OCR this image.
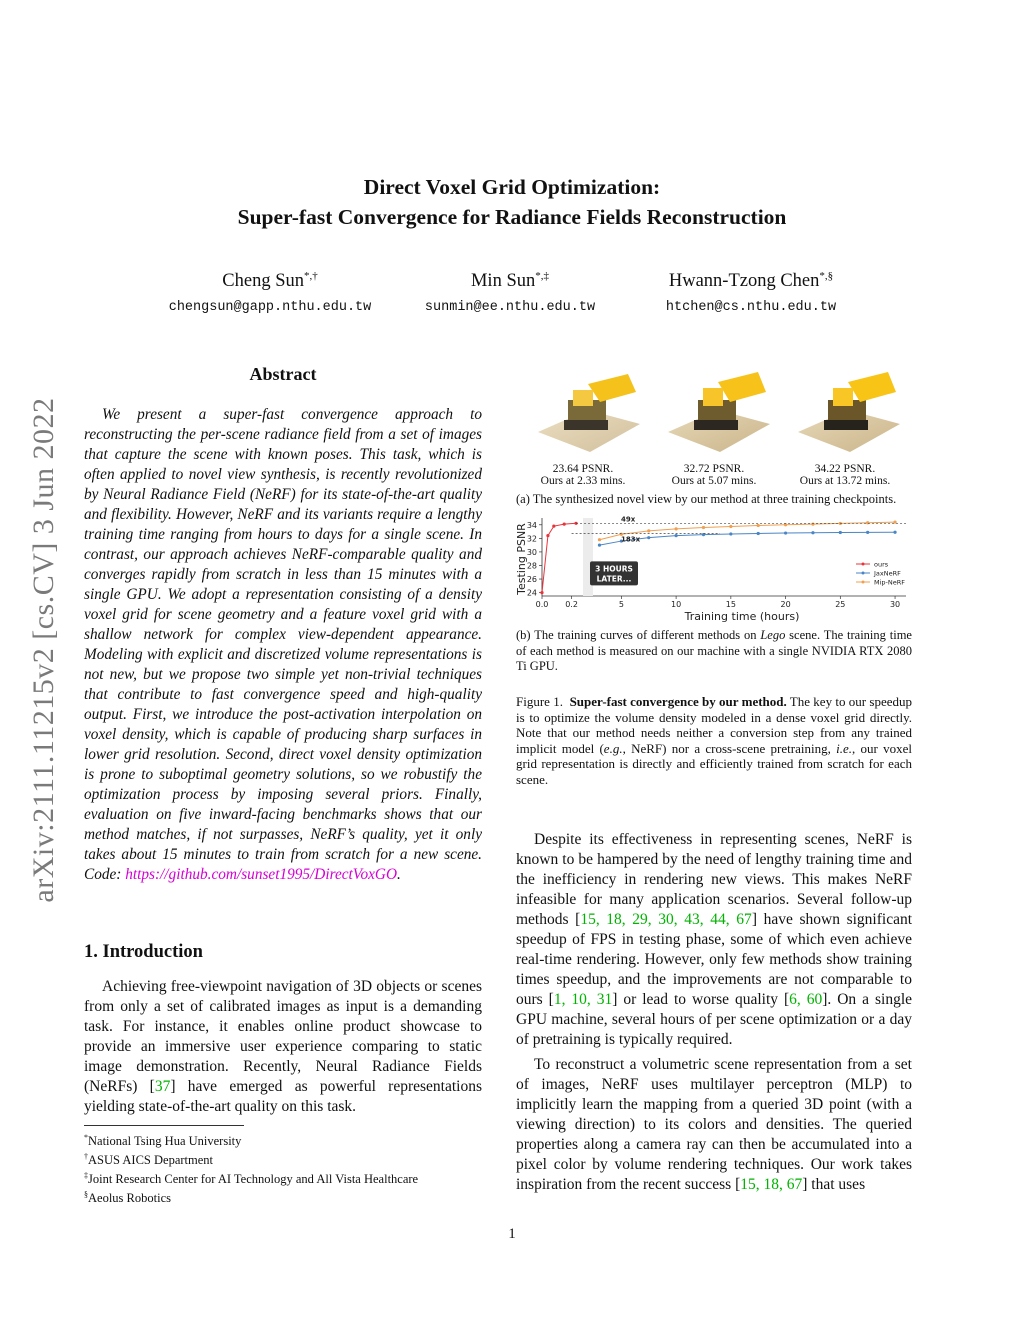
Direct Voxel Grid Optimization:
Super-fast Convergence for Radiance Fields Reconstruction
Cheng Sun*,†
chengsun@gapp.nthu.edu.tw
Min Sun*,‡
sunmin@ee.nthu.edu.tw
Hwann-Tzong Chen*,§
htchen@cs.nthu.edu.tw
arXiv:2111.11215v2 [cs.CV] 3 Jun 2022
Abstract
We present a super-fast convergence approach to reconstructing the per-scene radiance field from a set of images that capture the scene with known poses. This task, which is often applied to novel view synthesis, is recently revolutionized by Neural Radiance Field (NeRF) for its state-of-the-art quality and flexibility. However, NeRF and its variants require a lengthy training time ranging from hours to days for a single scene. In contrast, our approach achieves NeRF-comparable quality and converges rapidly from scratch in less than 15 minutes with a single GPU. We adopt a representation consisting of a density voxel grid for scene geometry and a feature voxel grid with a shallow network for complex view-dependent appearance. Modeling with explicit and discretized volume representations is not new, but we propose two simple yet non-trivial techniques that contribute to fast convergence speed and high-quality output. First, we introduce the post-activation interpolation on voxel density, which is capable of producing sharp surfaces in lower grid resolution. Second, direct voxel density optimization is prone to suboptimal geometry solutions, so we robustify the optimization process by imposing several priors. Finally, evaluation on five inward-facing benchmarks shows that our method matches, if not surpasses, NeRF’s quality, yet it only takes about 15 minutes to train from scratch for a new scene. Code: https://github.com/sunset1995/DirectVoxGO.
1. Introduction
Achieving free-viewpoint navigation of 3D objects or scenes from only a set of calibrated images as input is a demanding task. For instance, it enables online product showcase to provide an immersive user experience comparing to static image demonstration. Recently, Neural Radiance Fields (NeRFs) [37] have emerged as powerful representations yielding state-of-the-art quality on this task.
*National Tsing Hua University
†ASUS AICS Department
‡Joint Research Center for AI Technology and All Vista Healthcare
§Aeolus Robotics
23.64 PSNR.
Ours at 2.33 mins.
32.72 PSNR.
Ours at 5.07 mins.
34.22 PSNR.
Ours at 13.72 mins.
(a) The synthesized novel view by our method at three training checkpoints.
Testing PSNR
Training time (hours)
24
26
28
30
32
34
0.0 0.2	5	10	15	20	25	30
49x
183x
3 HOURS
LATER...
ours
JaxNeRF
Mip-NeRF
(b) The training curves of different methods on Lego scene. The training time of each method is measured on our machine with a single NVIDIA RTX 2080 Ti GPU.
Figure 1. Super-fast convergence by our method. The key to our speedup is to optimize the volume density modeled in a dense voxel grid directly. Note that our method needs neither a conversion step from any trained implicit model (e.g., NeRF) nor a cross-scene pretraining, i.e., our voxel grid representation is directly and efficiently trained from scratch for each scene.
Despite its effectiveness in representing scenes, NeRF is known to be hampered by the need of lengthy training time and the inefficiency in rendering new views. This makes NeRF infeasible for many application scenarios. Several follow-up methods [15, 18, 29, 30, 43, 44, 67] have shown significant speedup of FPS in testing phase, some of which even achieve real-time rendering. However, only few methods show training times speedup, and the improvements are not comparable to ours [1, 10, 31] or lead to worse quality [6, 60]. On a single GPU machine, several hours of per scene optimization or a day of pretraining is typically required.
To reconstruct a volumetric scene representation from a set of images, NeRF uses multilayer perceptron (MLP) to implicitly learn the mapping from a queried 3D point (with a viewing direction) to its colors and densities. The queried properties along a camera ray can then be accumulated into a pixel color by volume rendering techniques. Our work takes inspiration from the recent success [15, 18, 67] that uses
1
